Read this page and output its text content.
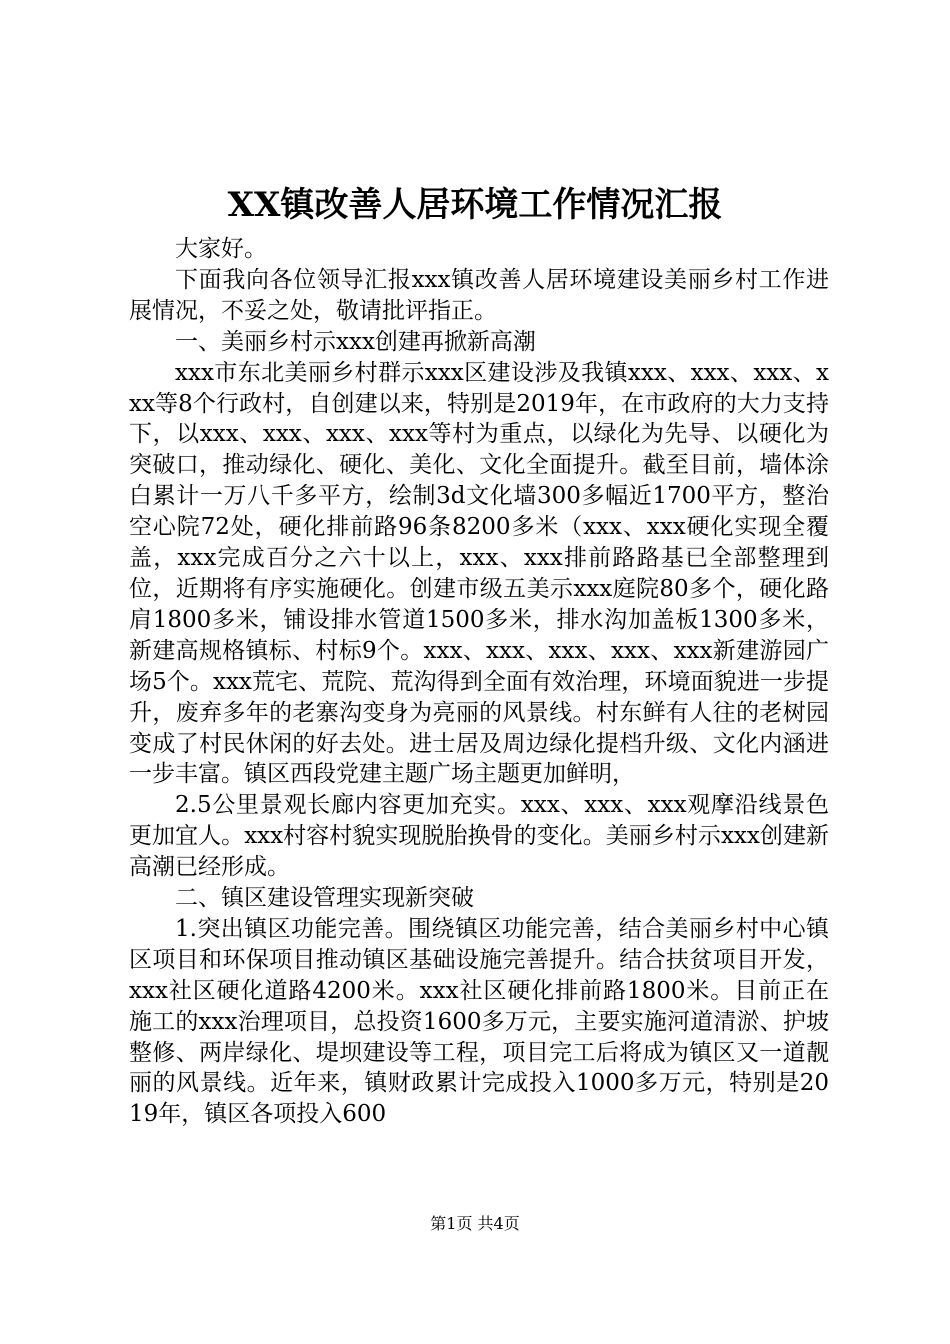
XX镇改善人居环境工作情况汇报

大家好。

下面我向各位领导汇报xxx镇改善人居环境建设美丽乡村工作进展情况，不妥之处，敬请批评指正。

一、美丽乡村示xxx创建再掀新高潮

xxx市东北美丽乡村群示xxx区建设涉及我镇xxx、xxx、xxx、xxx等8个行政村，自创建以来，特别是2019年，在市政府的大力支持下，以xxx、xxx、xxx、xxx等村为重点，以绿化为先导、以硬化为突破口，推动绿化、硬化、美化、文化全面提升。截至目前，墙体涂白累计一万八千多平方，绘制3d文化墙300多幅近1700平方，整治空心院72处，硬化排前路96条8200多米（xxx、xxx硬化实现全覆盖，xxx完成百分之六十以上，xxx、xxx排前路路基已全部整理到位，近期将有序实施硬化。创建市级五美示xxx庭院80多个，硬化路肩1800多米，铺设排水管道1500多米，排水沟加盖板1300多米，新建高规格镇标、村标9个。xxx、xxx、xxx、xxx、xxx新建游园广场5个。xxx荒宅、荒院、荒沟得到全面有效治理，环境面貌进一步提升，废弃多年的老寨沟变身为亮丽的风景线。村东鲜有人往的老树园变成了村民休闲的好去处。进士居及周边绿化提档升级、文化内涵进一步丰富。镇区西段党建主题广场主题更加鲜明，

2.5公里景观长廊内容更加充实。xxx、xxx、xxx观摩沿线景色更加宜人。xxx村容村貌实现脱胎换骨的变化。美丽乡村示xxx创建新高潮已经形成。

二、镇区建设管理实现新突破

1.突出镇区功能完善。围绕镇区功能完善，结合美丽乡村中心镇区项目和环保项目推动镇区基础设施完善提升。结合扶贫项目开发，xxx社区硬化道路4200米。xxx社区硬化排前路1800米。目前正在施工的xxx治理项目，总投资1600多万元，主要实施河道清淤、护坡整修、两岸绿化、堤坝建设等工程，项目完工后将成为镇区又一道靓丽的风景线。近年来，镇财政累计完成投入1000多万元，特别是2019年，镇区各项投入600

第1页 共4页
